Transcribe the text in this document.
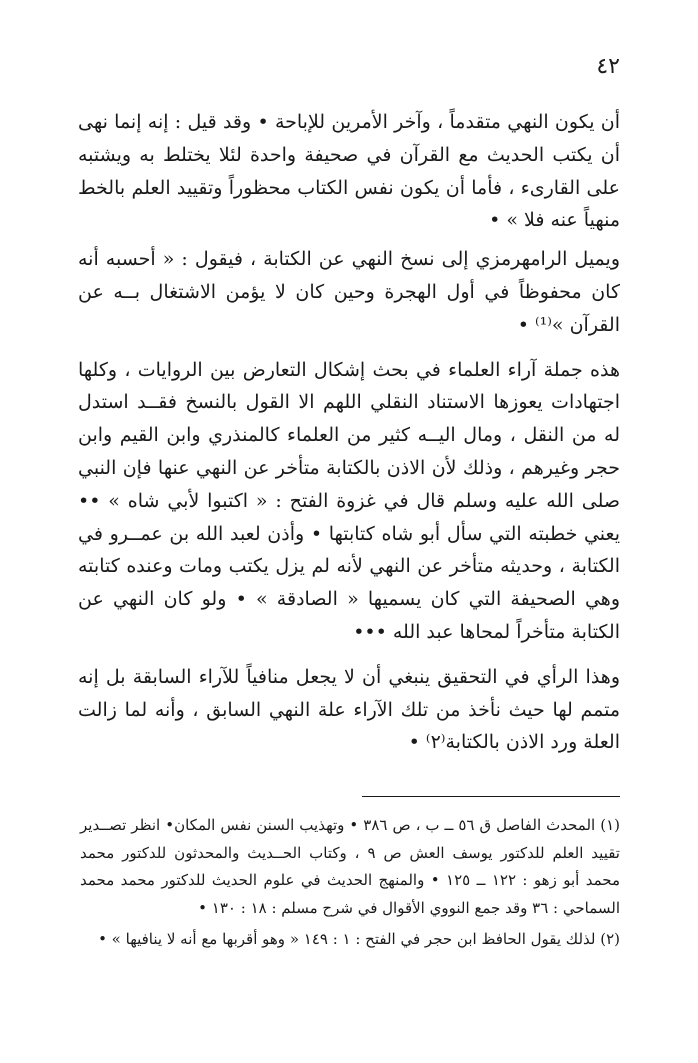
٤٢

أن يكون النهي متقدماً ، وآخر الأمرين للإباحة • وقد قيل : إنه إنما نهى أن يكتب الحديث مع القرآن في صحيفة واحدة لئلا يختلط به ويشتبه على القارىء ، فأما أن يكون نفس الكتاب محظوراً وتقييد العلم بالخط منهياً عنه فلا » •

ويميل الرامهرمزي إلى نسخ النهي عن الكتابة ، فيقول : « أحسبه أنه كان محفوظاً في أول الهجرة وحين كان لا يؤمن الاشتغال بــه عن القرآن »⁽¹⁾ •

هذه جملة آراء العلماء في بحث إشكال التعارض بين الروايات ، وكلها اجتهادات يعوزها الاستناد النقلي اللهم الا القول بالنسخ فقــد استدل له من النقل ، ومال اليــه كثير من العلماء كالمنذري وابن القيم وابن حجر وغيرهم ، وذلك لأن الاذن بالكتابة متأخر عن النهي عنها فإن النبي صلى الله عليه وسلم قال في غزوة الفتح : « اكتبوا لأبي شاه » •• يعني خطبته التي سأل أبو شاه كتابتها • وأذن لعبد الله بن عمــرو في الكتابة ، وحديثه متأخر عن النهي لأنه لم يزل يكتب ومات وعنده كتابته وهي الصحيفة التي كان يسميها « الصادقة » • ولو كان النهي عن الكتابة متأخراً لمحاها عبد الله •••

وهذا الرأي في التحقيق ينبغي أن لا يجعل منافياً للآراء السابقة بل إنه متمم لها حيث نأخذ من تلك الآراء علة النهي السابق ، وأنه لما زالت العلة ورد الاذن بالكتابة⁽٢⁾ •

(١) المحدث الفاصل ق ٥٦ ــ ب ، ص ٣٨٦ • وتهذيب السنن نفس المكان• انظر تصــدير تقييد العلم للدكتور يوسف العش ص ٩ ، وكتاب الحــديث والمحدثون للدكتور محمد محمد أبو زهو : ١٢٢ ــ ١٢٥ • والمنهج الحديث في علوم الحديث للدكتور محمد محمد السماحي : ٣٦ وقد جمع النووي الأقوال في شرح مسلم : ١٨ : ١٣٠ •

(٢) لذلك يقول الحافظ ابن حجر في الفتح : ١ : ١٤٩ « وهو أقربها مع أنه لا ينافيها » •
